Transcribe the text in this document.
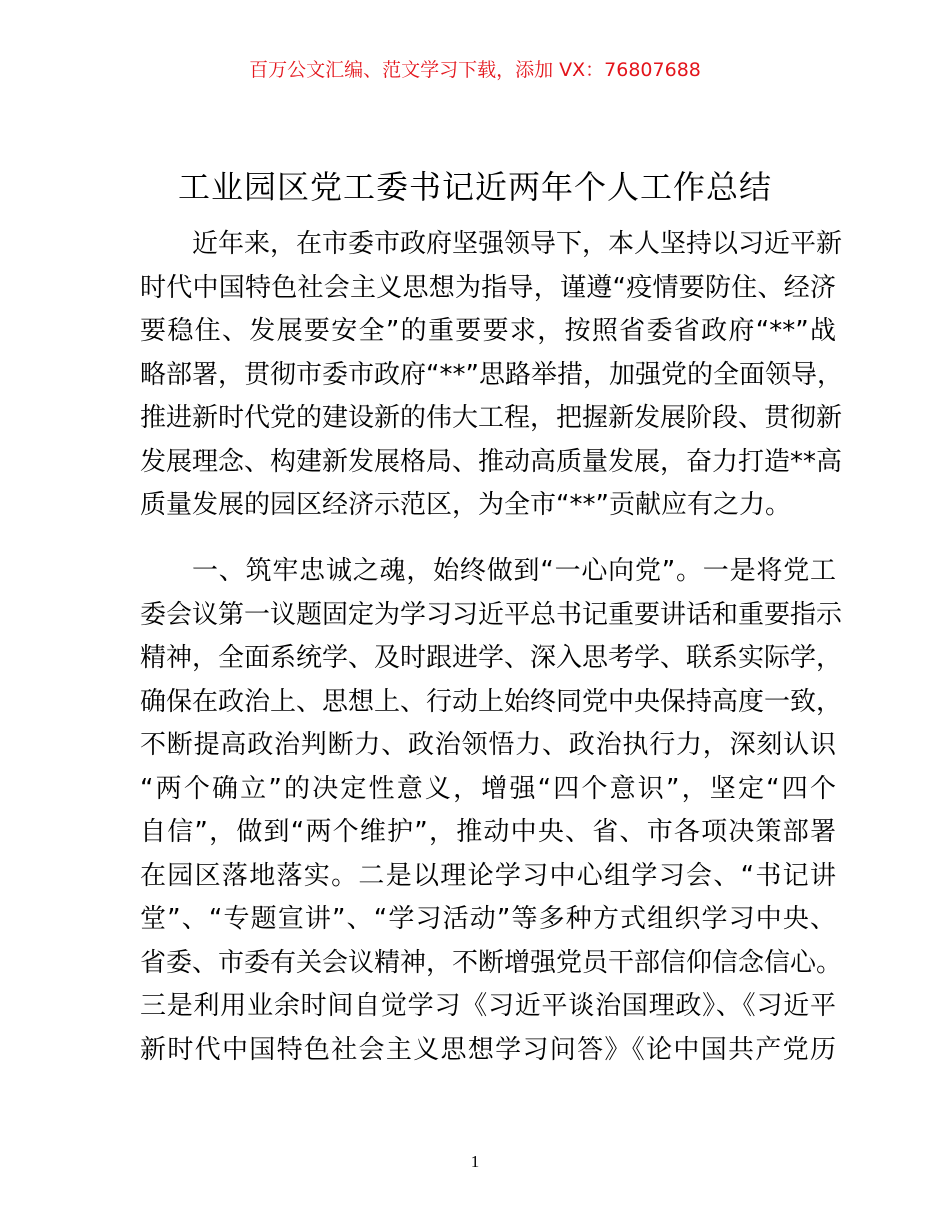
百万公文汇编、范文学习下载，添加 VX：76807688
工业园区党工委书记近两年个人工作总结
近年来，在市委市政府坚强领导下，本人坚持以习近平新
时代中国特色社会主义思想为指导，谨遵“疫情要防住、经济
要稳住、发展要安全”的重要要求，按照省委省政府“**”战
略部署，贯彻市委市政府“**”思路举措，加强党的全面领导，
推进新时代党的建设新的伟大工程，把握新发展阶段、贯彻新
发展理念、构建新发展格局、推动高质量发展，奋力打造**高
质量发展的园区经济示范区，为全市“**”贡献应有之力。
一、筑牢忠诚之魂，始终做到“一心向党”。一是将党工
委会议第一议题固定为学习习近平总书记重要讲话和重要指示
精神，全面系统学、及时跟进学、深入思考学、联系实际学，
确保在政治上、思想上、行动上始终同党中央保持高度一致，
不断提高政治判断力、政治领悟力、政治执行力，深刻认识
“两个确立”的决定性意义，增强“四个意识”，坚定“四个
自信”，做到“两个维护”，推动中央、省、市各项决策部署
在园区落地落实。二是以理论学习中心组学习会、“书记讲
堂”、“专题宣讲”、“学习活动”等多种方式组织学习中央、
省委、市委有关会议精神，不断增强党员干部信仰信念信心。
三是利用业余时间自觉学习《习近平谈治国理政》、《习近平
新时代中国特色社会主义思想学习问答》《论中国共产党历
1
